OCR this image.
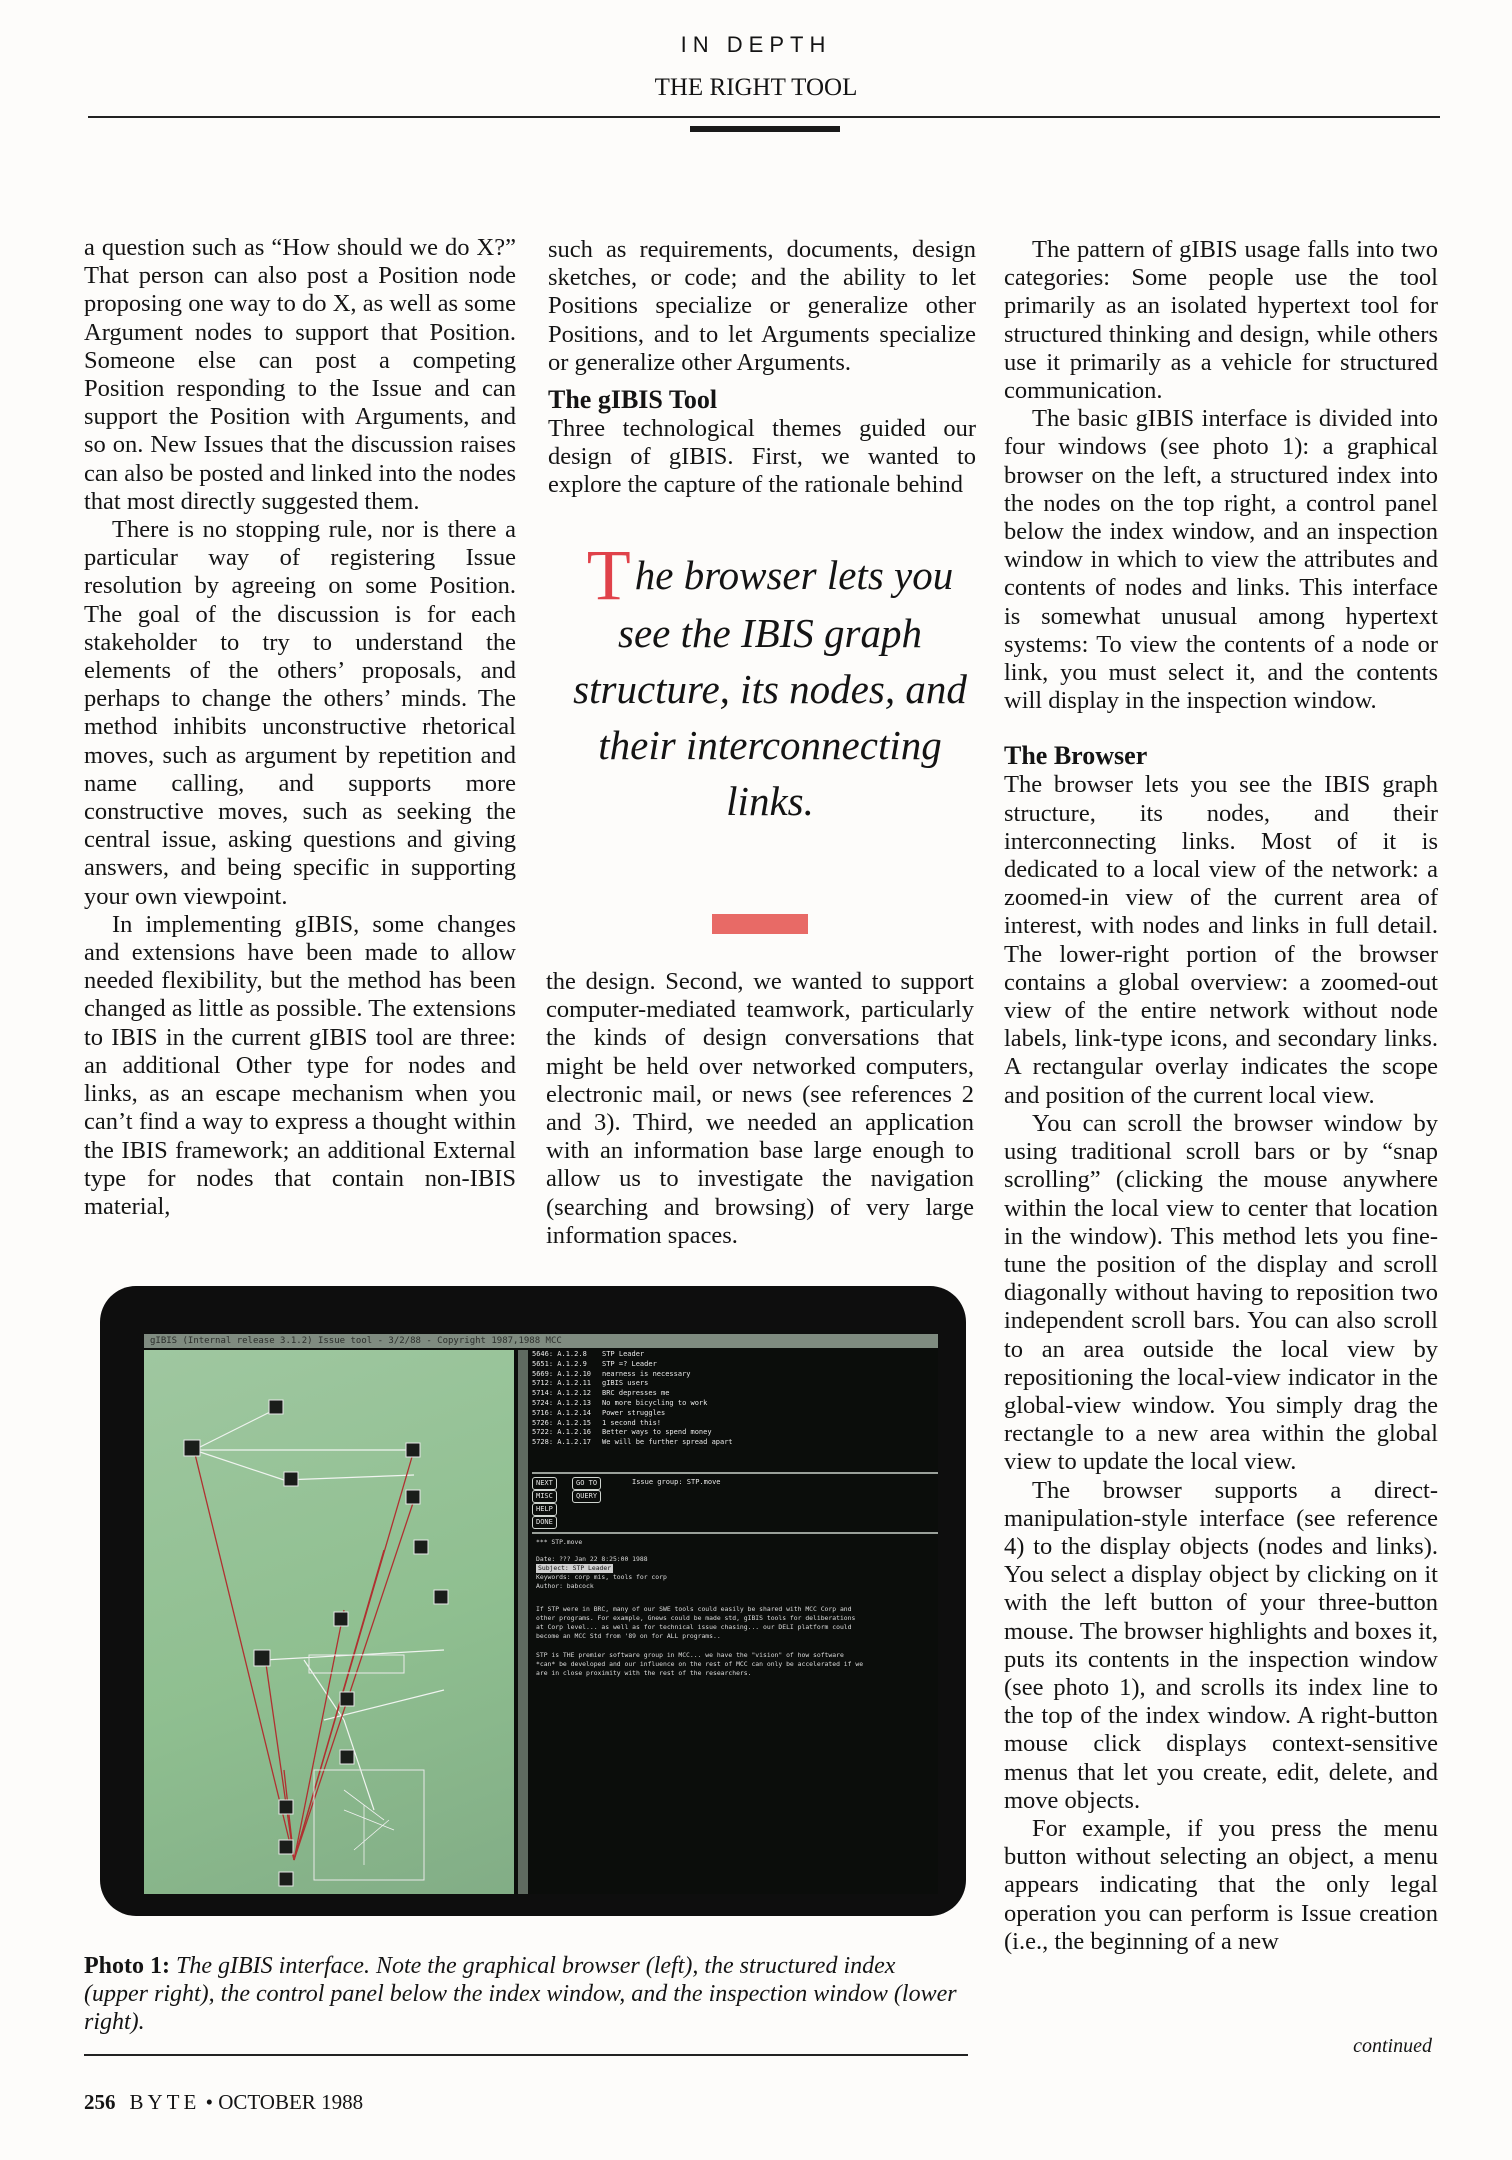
IN DEPTH
THE RIGHT TOOL

a question such as “How should we do X?” That person can also post a Position node proposing one way to do X, as well as some Argument nodes to support that Position. Someone else can post a competing Position responding to the Issue and can support the Position with Arguments, and so on. New Issues that the discussion raises can also be posted and linked into the nodes that most directly suggested them.

There is no stopping rule, nor is there a particular way of registering Issue resolution by agreeing on some Position. The goal of the discussion is for each stakeholder to try to understand the elements of the others’ proposals, and perhaps to change the others’ minds. The method inhibits unconstructive rhetorical moves, such as argument by repetition and name calling, and supports more constructive moves, such as seeking the central issue, asking questions and giving answers, and being specific in supporting your own viewpoint.

In implementing gIBIS, some changes and extensions have been made to allow needed flexibility, but the method has been changed as little as possible. The extensions to IBIS in the current gIBIS tool are three: an additional Other type for nodes and links, as an escape mechanism when you can’t find a way to express a thought within the IBIS framework; an additional External type for nodes that contain non-IBIS material,

such as requirements, documents, design sketches, or code; and the ability to let Positions specialize or generalize other Positions, and to let Arguments specialize or generalize other Arguments.

The gIBIS Tool

Three technological themes guided our design of gIBIS. First, we wanted to explore the capture of the rationale behind

The browser lets you see the IBIS graph structure, its nodes, and their interconnecting links.

the design. Second, we wanted to support computer-mediated teamwork, particularly the kinds of design conversations that might be held over networked computers, electronic mail, or news (see references 2 and 3). Third, we needed an application with an information base large enough to allow us to investigate the navigation (searching and browsing) of very large information spaces.

The pattern of gIBIS usage falls into two categories: Some people use the tool primarily as an isolated hypertext tool for structured thinking and design, while others use it primarily as a vehicle for structured communication.

The basic gIBIS interface is divided into four windows (see photo 1): a graphical browser on the left, a structured index into the nodes on the top right, a control panel below the index window, and an inspection window in which to view the attributes and contents of nodes and links. This interface is somewhat unusual among hypertext systems: To view the contents of a node or link, you must select it, and the contents will display in the inspection window.

The Browser

The browser lets you see the IBIS graph structure, its nodes, and their interconnecting links. Most of it is dedicated to a local view of the network: a zoomed-in view of the current area of interest, with nodes and links in full detail. The lower-right portion of the browser contains a global overview: a zoomed-out view of the entire network without node labels, link-type icons, and secondary links. A rectangular overlay indicates the scope and position of the current local view.

You can scroll the browser window by using traditional scroll bars or by “snap scrolling” (clicking the mouse anywhere within the local view to center that location in the window). This method lets you fine-tune the position of the display and scroll diagonally without having to reposition two independent scroll bars. You can also scroll to an area outside the local view by repositioning the local-view indicator in the global-view window. You simply drag the rectangle to a new area within the global view to update the local view.

The browser supports a direct-manipulation-style interface (see reference 4) to the display objects (nodes and links). You select a display object by clicking on it with the left button of your three-button mouse. The browser highlights and boxes it, puts its contents in the inspection window (see photo 1), and scrolls its index line to the top of the index window. A right-button mouse click displays context-sensitive menus that let you create, edit, delete, and move objects.

For example, if you press the menu button without selecting an object, a menu appears indicating that the only legal operation you can perform is Issue creation (i.e., the beginning of a new

gIBIS (Internal release 3.1.2) Issue tool - 3/2/88 - Copyright 1987,1988 MCC
5646: A.1.2.8 STP Leader
5651: A.1.2.9 STP =? Leader
5669: A.1.2.10 nearness is necessary
5712: A.1.2.11 gIBIS users
5714: A.1.2.12 BRC depresses me
5724: A.1.2.13 No more bicycling to work
5716: A.1.2.14 Power struggles
5726: A.1.2.15 1 second this!
5722: A.1.2.16 Better ways to spend money
5728: A.1.2.17 We will be further spread apart
NEXT	GO TO
MISC	QUERY
HELP
DONE
Issue group: STP.move
*** STP.move
Date: ??? Jan 22 8:25:00 1988
Subject: STP Leader
Keywords: corp mis, tools for corp
Author: babcock
If STP were in BRC, many of our SWE tools could easily be shared with MCC Corp and other programs. For example, Gnews could be made std, gIBIS tools for deliberations at Corp level... as well as for technical issue chasing... our DELI platform could become an MCC Std from '89 on for ALL programs..
STP is THE premier software group in MCC... we have the "vision" of how software *can* be developed and our influence on the rest of MCC can only be accelerated if we are in close proximity with the rest of the researchers.
Photo 1: The gIBIS interface. Note the graphical browser (left), the structured index (upper right), the control panel below the index window, and the inspection window (lower right).
continued
256 BYTE • OCTOBER 1988
